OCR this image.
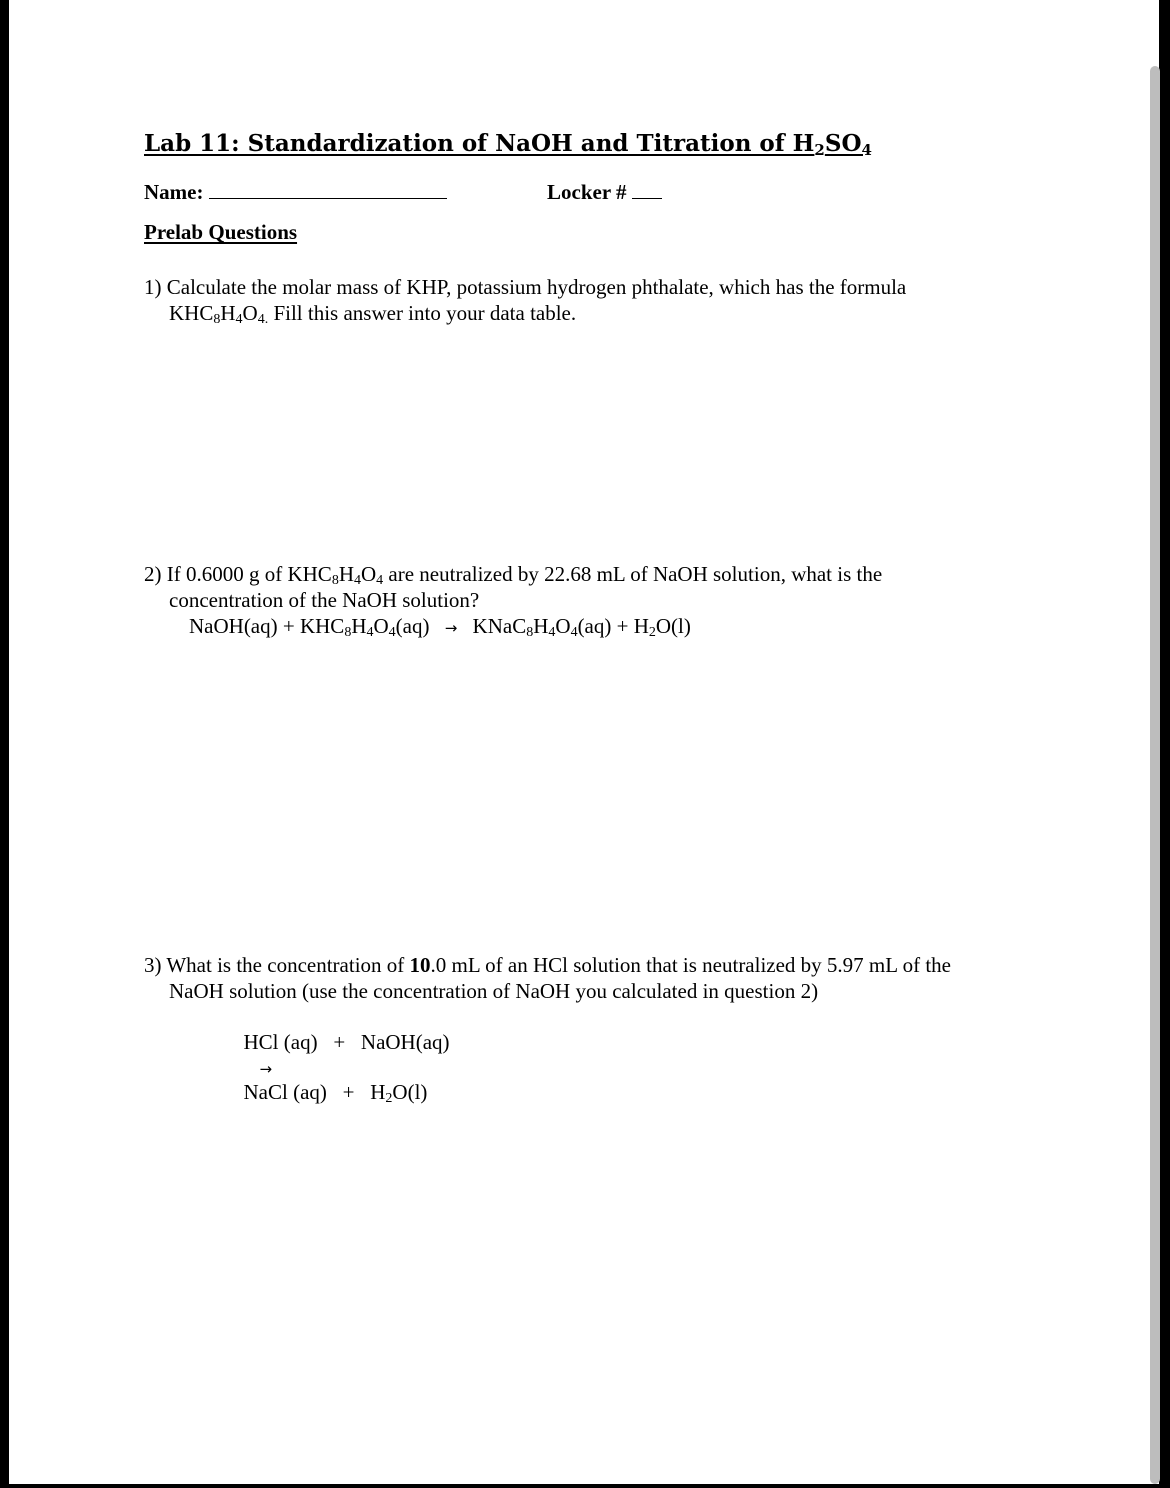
Lab 11: Standardization of NaOH and Titration of $H_2SO_4$
Name:	Locker #
Prelab Questions
1) Calculate the molar mass of KHP, potassium hydrogen phthalate, which has the formula
$KHC_8H_4O_{4.}$ Fill this answer into your data table.
2) If 0.6000 g of $KHC_8H_4O_4$ are neutralized by 22.68 mL of NaOH solution, what is the
concentration of the NaOH solution?
NaOH(aq) + $KHC_8H_4O_4(aq)$ → $KNaC_8H_4O_4(aq) + H_2O(l)$
3) What is the concentration of 10.0 mL of an HCl solution that is neutralized by 5.97 mL of the
NaOH solution (use the concentration of NaOH you calculated in question 2)

HCl (aq)   +   NaOH(aq)
→
NaCl $(aq) + H_2O(l)$
